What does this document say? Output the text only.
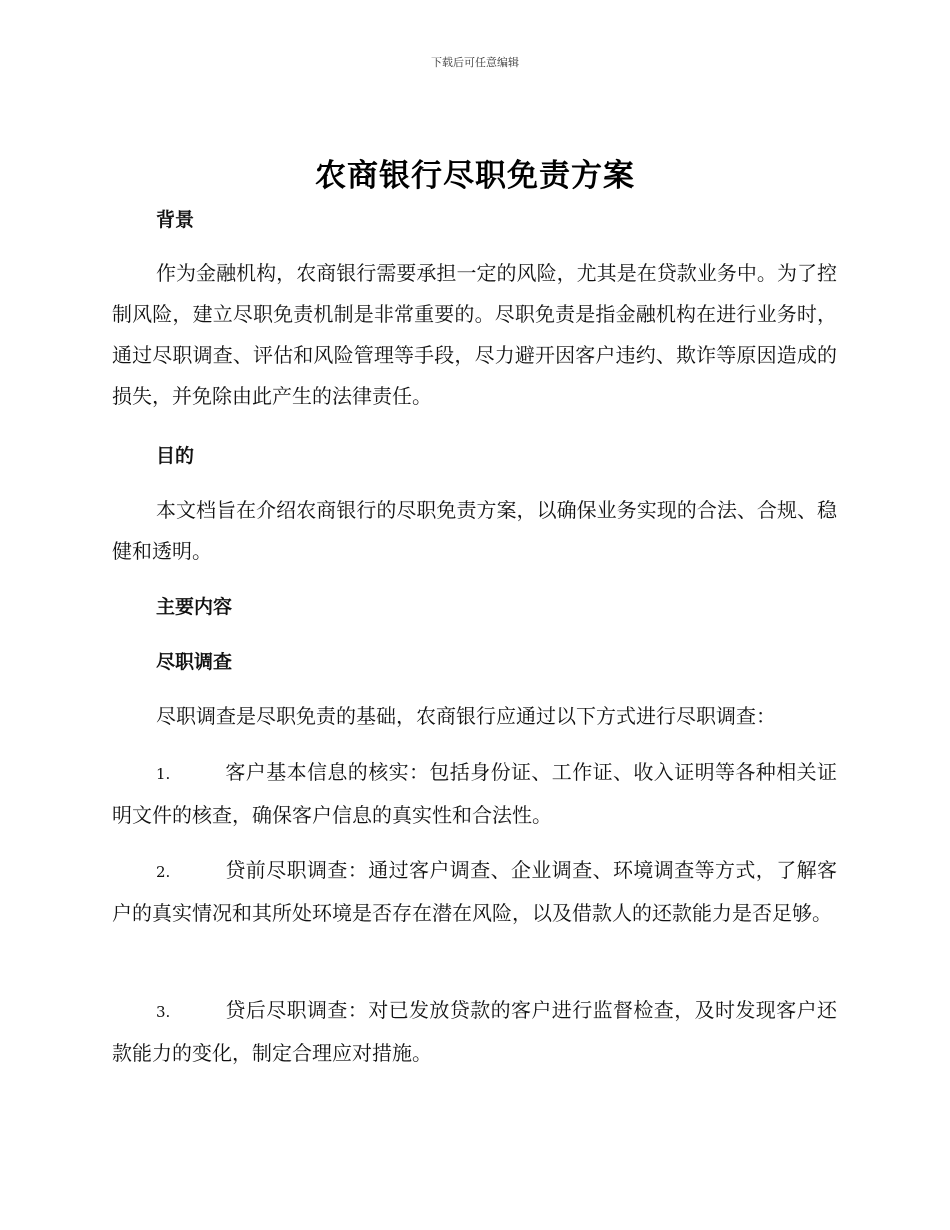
下载后可任意编辑
农商银行尽职免责方案
背景
作为金融机构，农商银行需要承担一定的风险，尤其是在贷款业务中。为了控制风险，建立尽职免责机制是非常重要的。尽职免责是指金融机构在进行业务时，通过尽职调查、评估和风险管理等手段，尽力避开因客户违约、欺诈等原因造成的损失，并免除由此产生的法律责任。
目的
本文档旨在介绍农商银行的尽职免责方案，以确保业务实现的合法、合规、稳健和透明。
主要内容
尽职调查
尽职调查是尽职免责的基础，农商银行应通过以下方式进行尽职调查：
1.	客户基本信息的核实：包括身份证、工作证、收入证明等各种相关证明文件的核查，确保客户信息的真实性和合法性。
2.	贷前尽职调查：通过客户调查、企业调查、环境调查等方式，了解客户的真实情况和其所处环境是否存在潜在风险，以及借款人的还款能力是否足够。
3.	贷后尽职调查：对已发放贷款的客户进行监督检查，及时发现客户还款能力的变化，制定合理应对措施。
